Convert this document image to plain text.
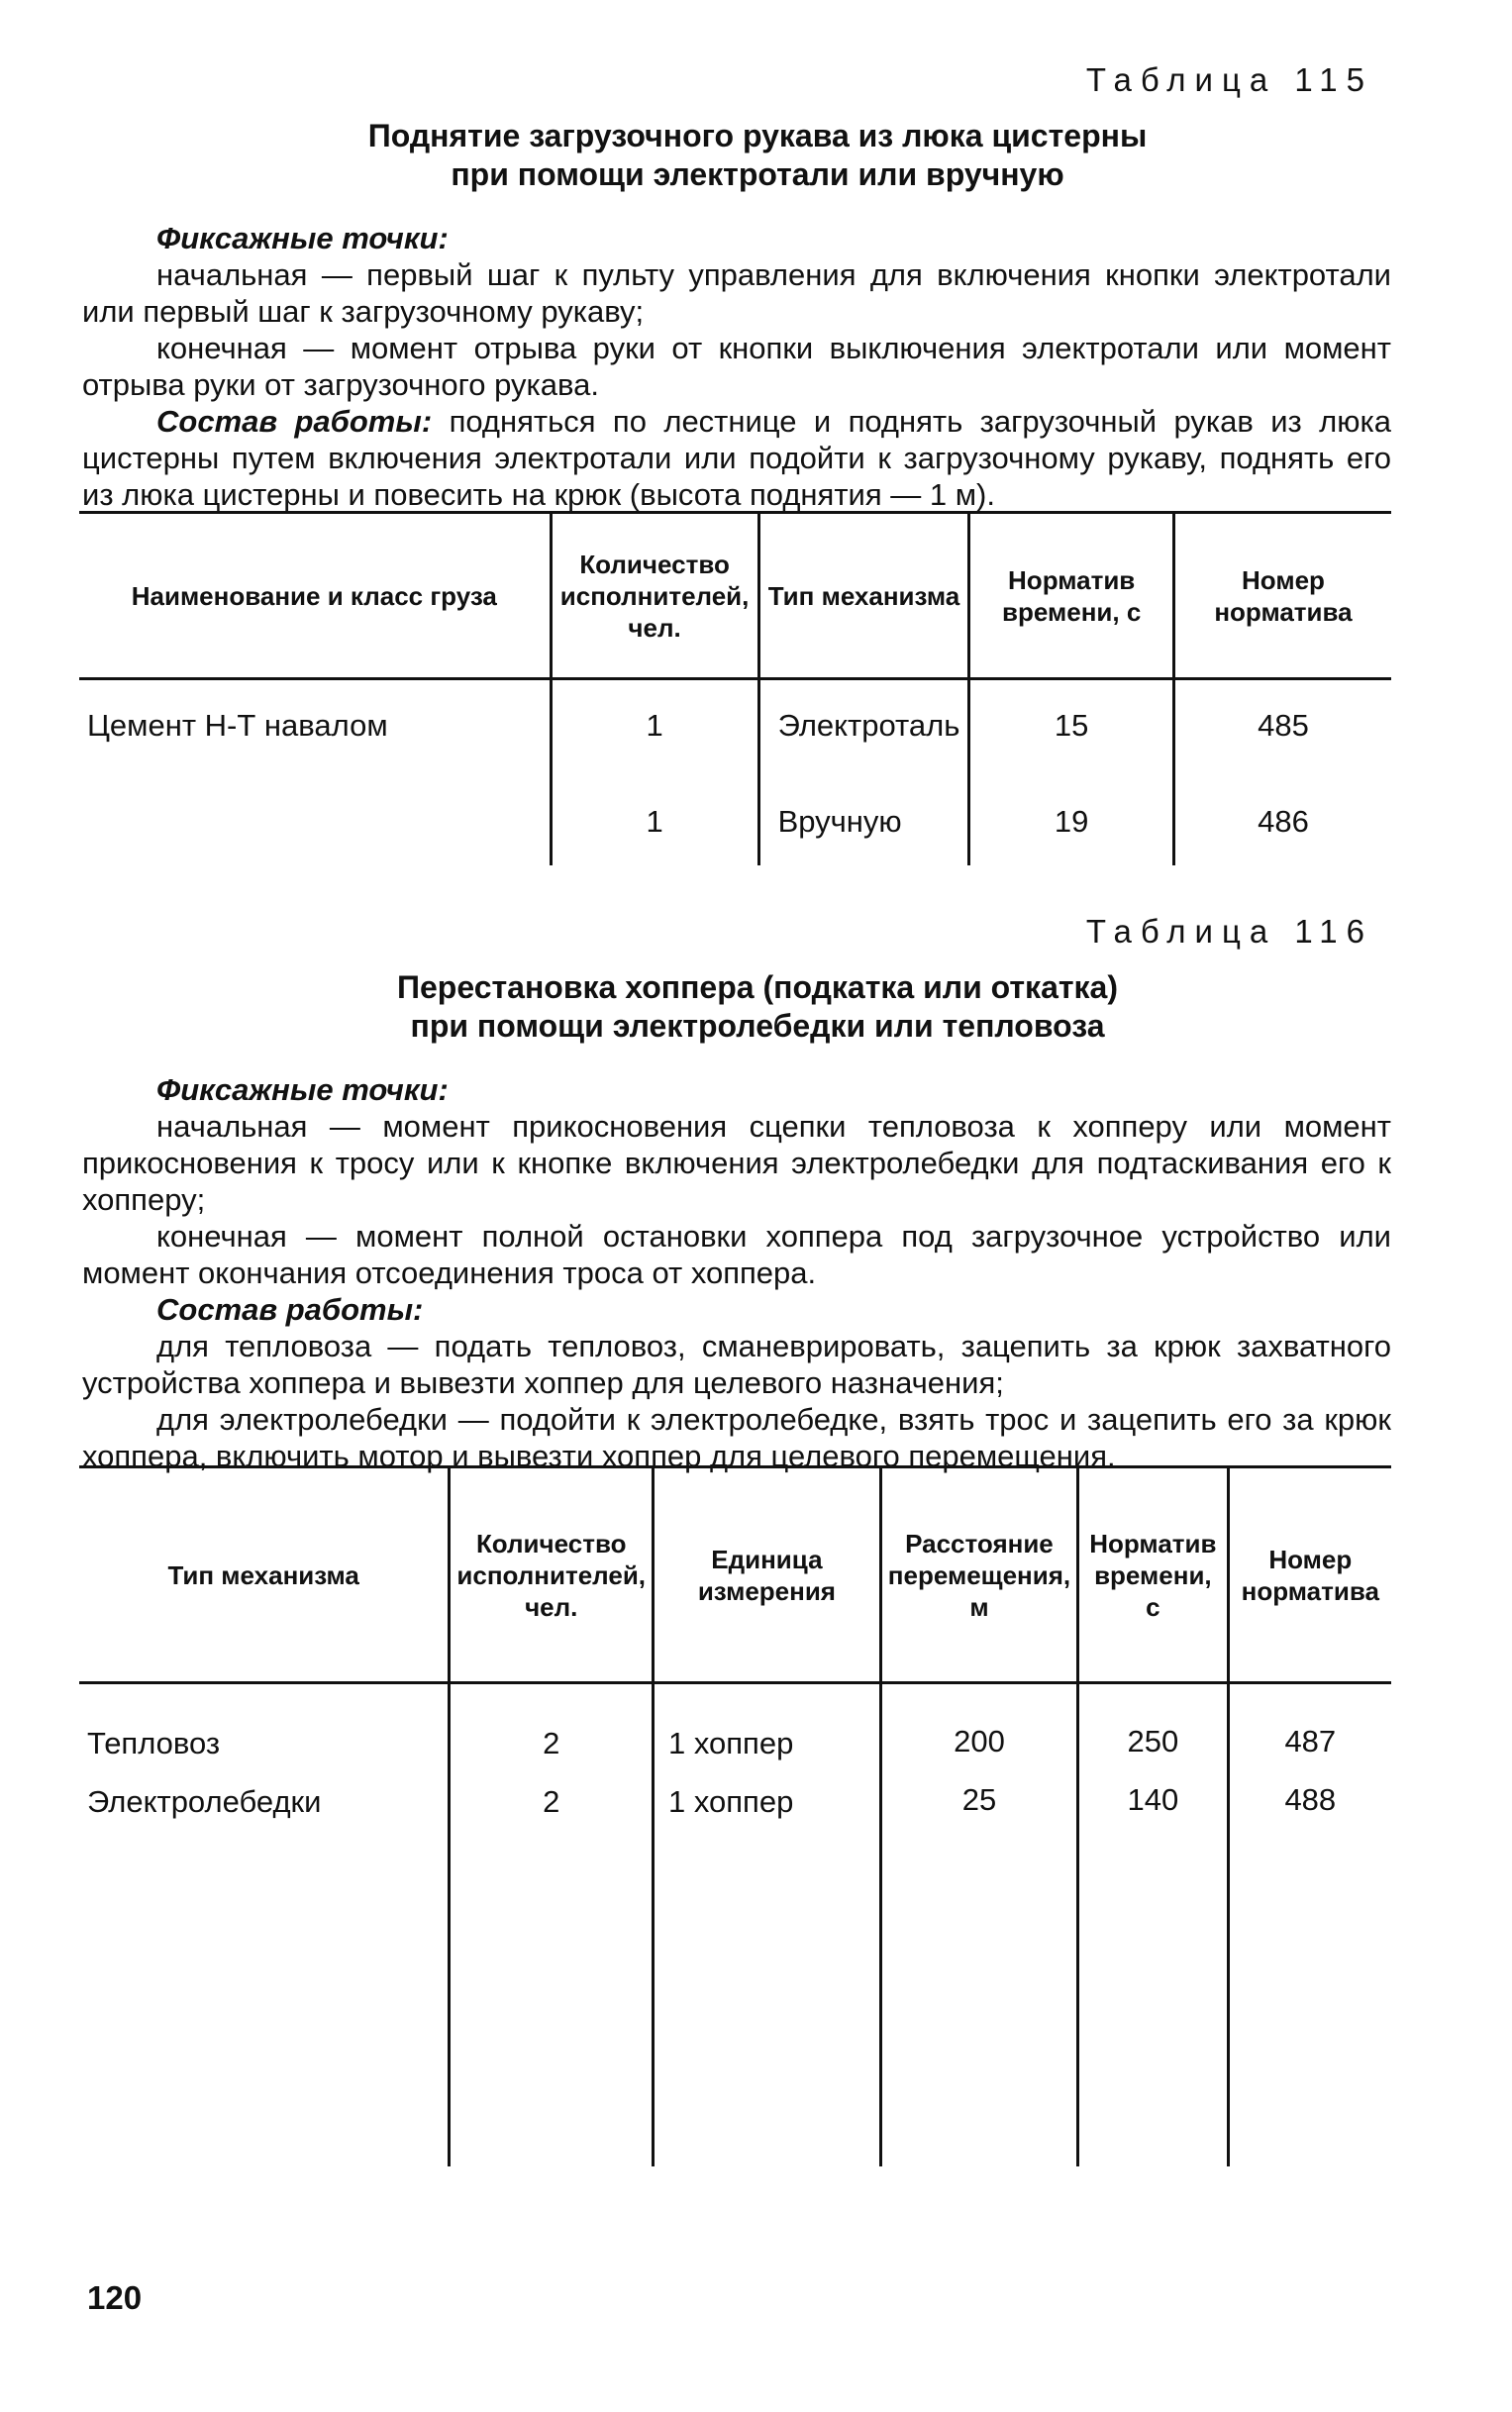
Таблица 115
Поднятие загрузочного рукава из люка цистерны
при помощи электротали или вручную

Фиксажные точки:

начальная — первый шаг к пульту управления для включения кнопки электротали или первый шаг к загрузочному рукаву;

конечная — момент отрыва руки от кнопки выключения электротали или момент отрыва руки от загрузочного рукава.

Состав работы: подняться по лестнице и поднять загрузочный рукав из люка цистерны путем включения электротали или подойти к загрузочному рукаву, поднять его из люка цистерны и повесить на крюк (высота поднятия — 1 м).

Наименование и класс груза	Количество исполнителей, чел.	Тип механизма	Норматив времени, с	Номер норматива
Цемент Н-Т навалом	1	Электроталь	15	485
	1	Вручную	19	486
Таблица 116
Перестановка хоппера (подкатка или откатка)
при помощи электролебедки или тепловоза

Фиксажные точки:

начальная — момент прикосновения сцепки тепловоза к хопперу или момент прикосновения к тросу или к кнопке включения электролебедки для подтаскивания его к хопперу;

конечная — момент полной остановки хоппера под загрузочное устройство или момент окончания отсоединения троса от хоппера.

Состав работы:

для тепловоза — подать тепловоз, сманеврировать, зацепить за крюк захватного устройства хоппера и вывезти хоппер для целевого назначения;

для электролебедки — подойти к электролебедке, взять трос и зацепить его за крюк хоппера, включить мотор и вывезти хоппер для целевого перемещения.

Тип механизма	Количество исполнителей, чел.	Единица измерения	Расстояние перемещения, м	Норматив времени, с	Номер норматива
Тепловоз	2	1 хоппер	200	250	487
Электролебедки	2	1 хоппер	25	140	488
120
